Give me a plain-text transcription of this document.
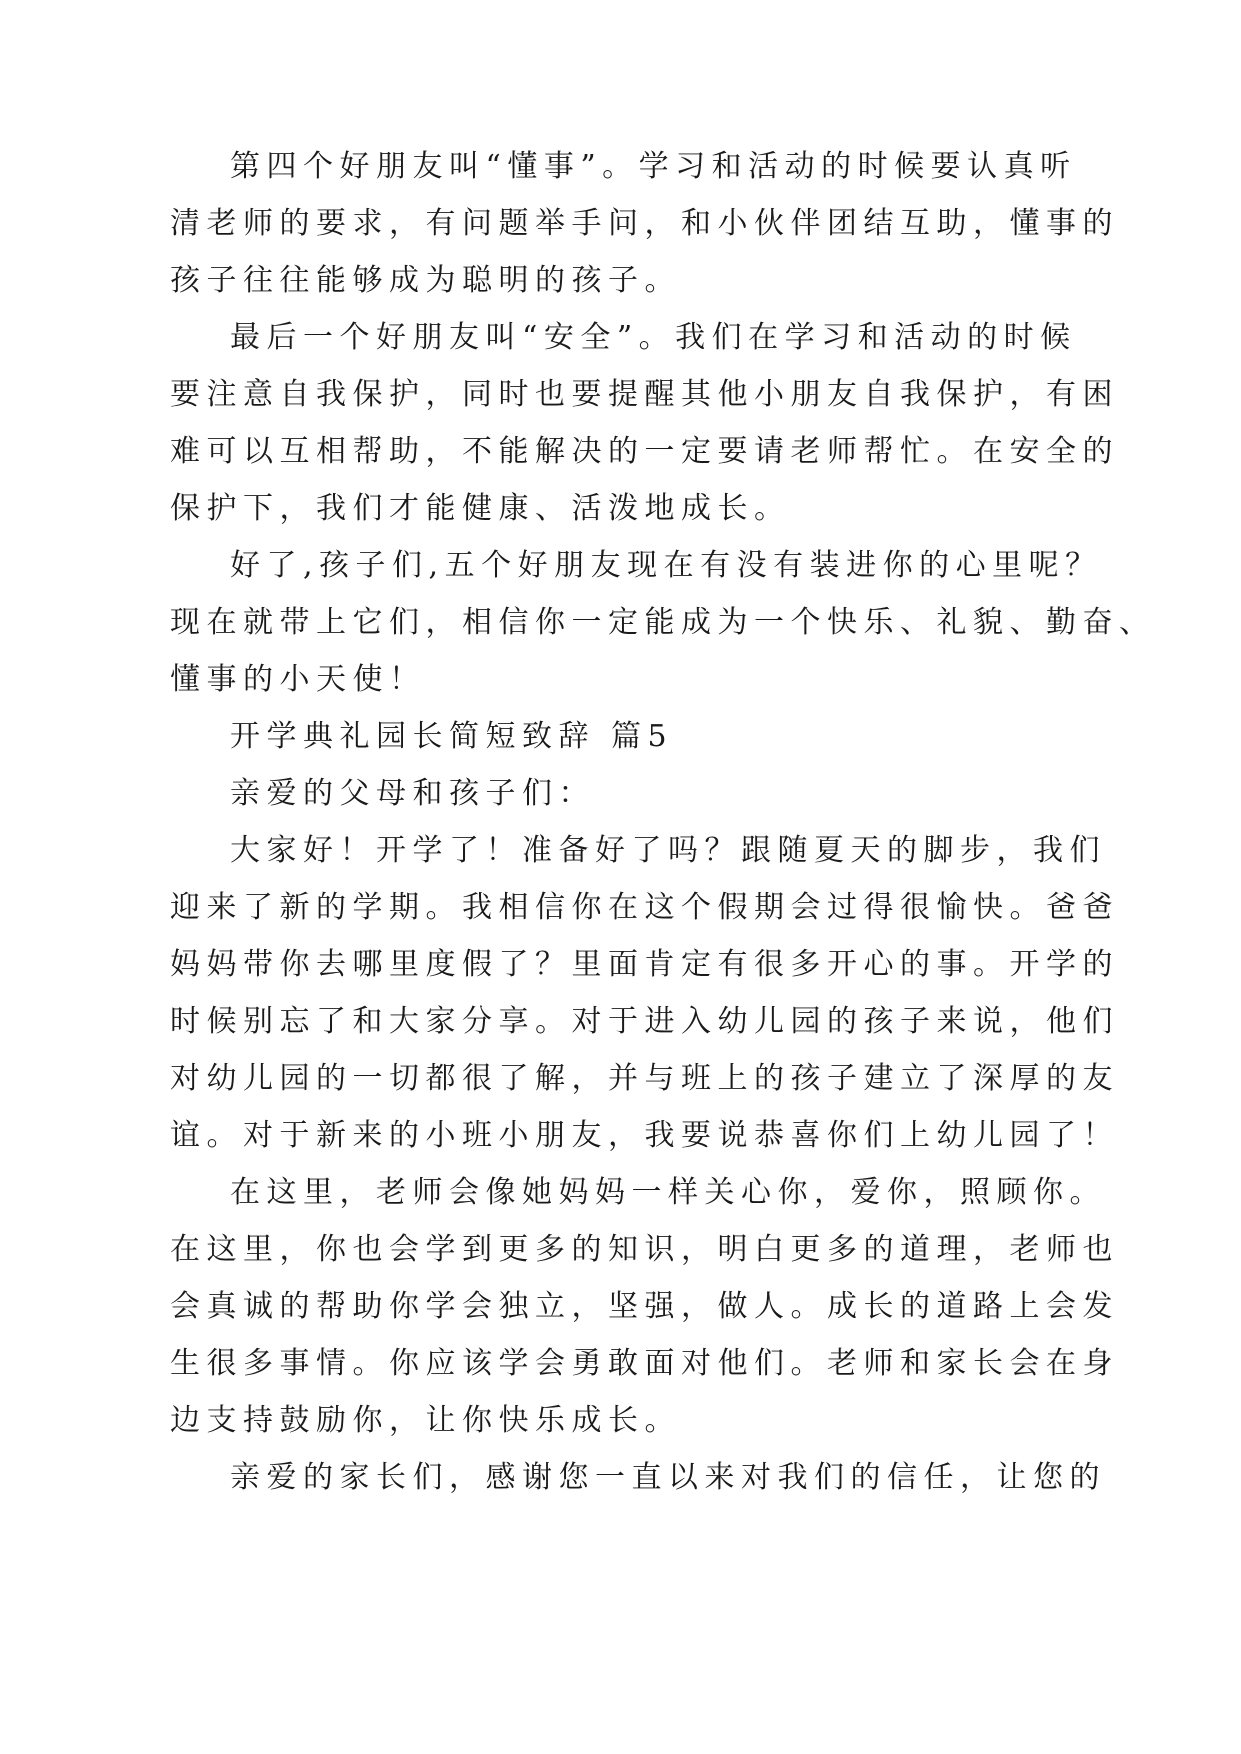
第四个好朋友叫“懂事”。学习和活动的时候要认真听
清老师的要求，有问题举手问，和小伙伴团结互助，懂事的
孩子往往能够成为聪明的孩子。
最后一个好朋友叫“安全”。我们在学习和活动的时候
要注意自我保护，同时也要提醒其他小朋友自我保护，有困
难可以互相帮助，不能解决的一定要请老师帮忙。在安全的
保护下，我们才能健康、活泼地成长。
好了,孩子们,五个好朋友现在有没有装进你的心里呢？
现在就带上它们，相信你一定能成为一个快乐、礼貌、勤奋、
懂事的小天使！
开学典礼园长简短致辞 篇5
亲爱的父母和孩子们：
大家好！开学了！准备好了吗？跟随夏天的脚步，我们
迎来了新的学期。我相信你在这个假期会过得很愉快。爸爸
妈妈带你去哪里度假了？里面肯定有很多开心的事。开学的
时候别忘了和大家分享。对于进入幼儿园的孩子来说，他们
对幼儿园的一切都很了解，并与班上的孩子建立了深厚的友
谊。对于新来的小班小朋友，我要说恭喜你们上幼儿园了！
在这里，老师会像她妈妈一样关心你，爱你，照顾你。
在这里，你也会学到更多的知识，明白更多的道理，老师也
会真诚的帮助你学会独立，坚强，做人。成长的道路上会发
生很多事情。你应该学会勇敢面对他们。老师和家长会在身
边支持鼓励你，让你快乐成长。
亲爱的家长们，感谢您一直以来对我们的信任，让您的
